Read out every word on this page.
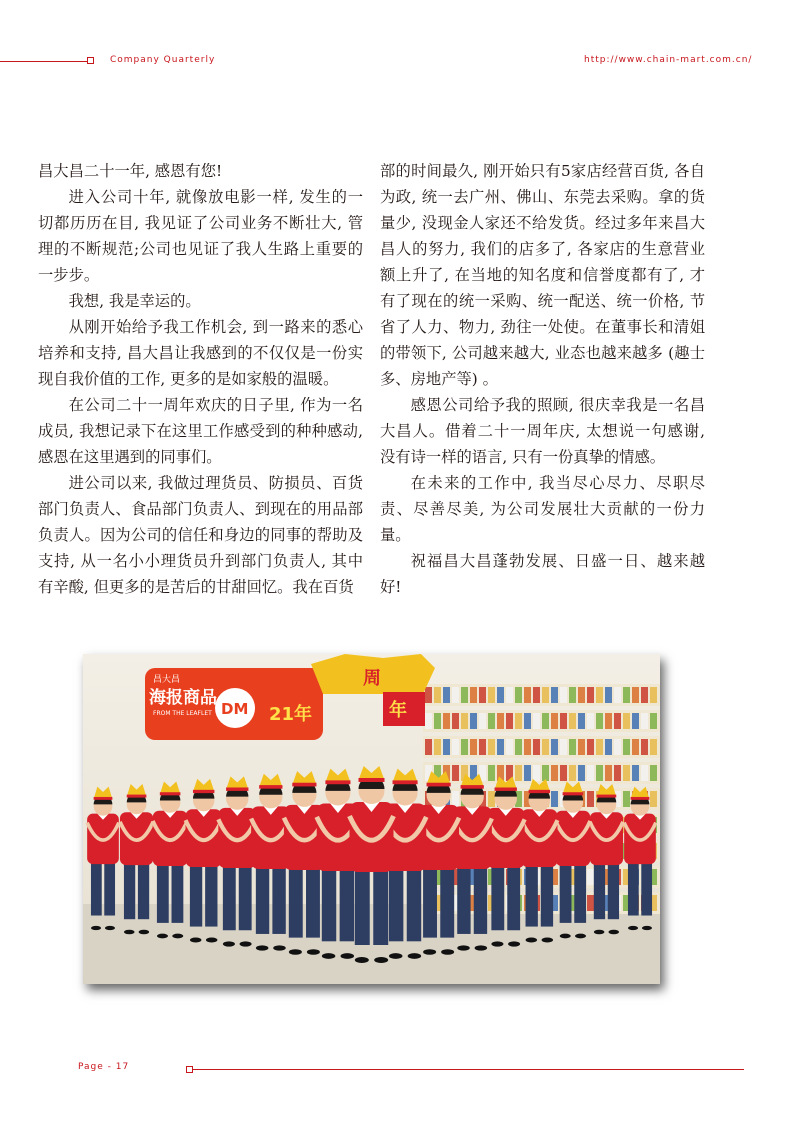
Company Quarterly	http://www.chain-mart.com.cn/

昌大昌二十一年, 感恩有您!

进入公司十年, 就像放电影一样, 发生的一切都历历在目, 我见证了公司业务不断壮大, 管理的不断规范;公司也见证了我人生路上重要的一步步。

我想, 我是幸运的。

从刚开始给予我工作机会, 到一路来的悉心培养和支持, 昌大昌让我感到的不仅仅是一份实现自我价值的工作, 更多的是如家般的温暖。

在公司二十一周年欢庆的日子里, 作为一名成员, 我想记录下在这里工作感受到的种种感动, 感恩在这里遇到的同事们。

进公司以来, 我做过理货员、防损员、百货部门负责人、食品部门负责人、到现在的用品部负责人。因为公司的信任和身边的同事的帮助及支持, 从一名小小理货员升到部门负责人, 其中有辛酸, 但更多的是苦后的甘甜回忆。我在百货

部的时间最久, 刚开始只有5家店经营百货, 各自为政, 统一去广州、佛山、东莞去采购。拿的货量少, 没现金人家还不给发货。经过多年来昌大昌人的努力, 我们的店多了, 各家店的生意营业额上升了, 在当地的知名度和信誉度都有了, 才有了现在的统一采购、统一配送、统一价格, 节省了人力、物力, 劲往一处使。在董事长和清姐的带领下, 公司越来越大, 业态也越来越多 (趣士多、房地产等) 。

感恩公司给予我的照顾, 很庆幸我是一名昌大昌人。借着二十一周年庆, 太想说一句感谢, 没有诗一样的语言, 只有一份真挚的情感。

在未来的工作中, 我当尽心尽力、尽职尽责、尽善尽美, 为公司发展壮大贡献的一份力量。

祝福昌大昌蓬勃发展、日盛一日、越来越好!

昌大昌
海报商品
FROM THE LEAFLET DM 21年
周
年
Page - 17
